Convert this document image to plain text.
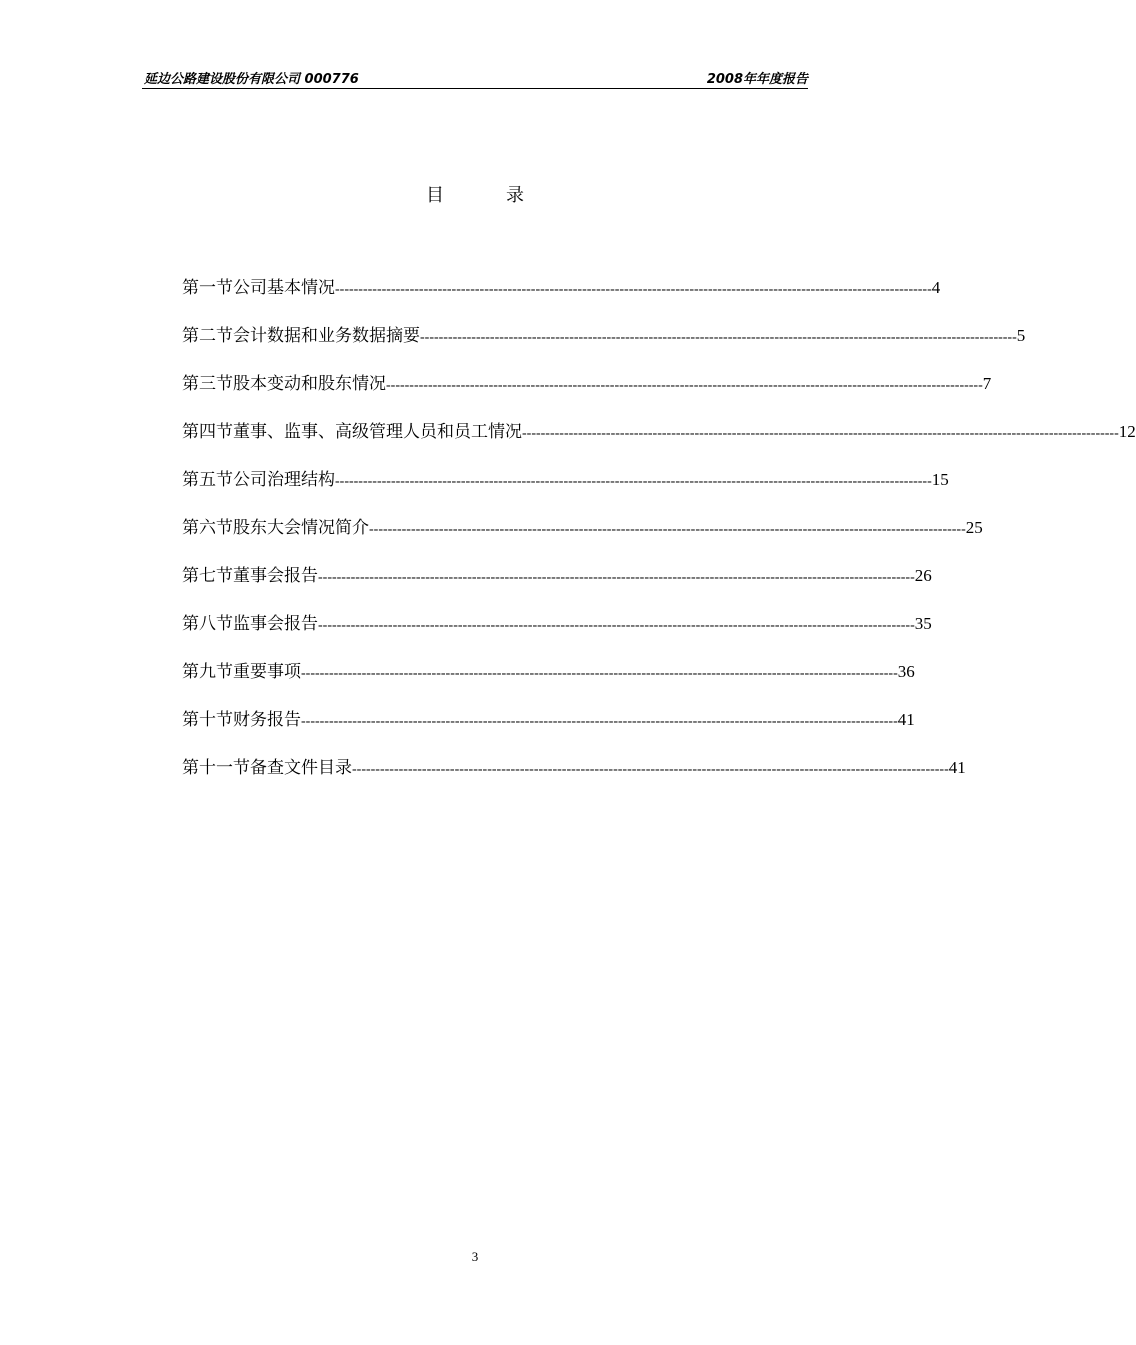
延边公路建设股份有限公司 000776	2008年年度报告
目	录
第一节 公司基本情况 -------------------------------------------------------------------------------------------------------------------------------- 4
第二节 会计数据和业务数据摘要 -------------------------------------------------------------------------------------------------------------------------------- 5
第三节 股本变动和股东情况 -------------------------------------------------------------------------------------------------------------------------------- 7
第四节 董事、监事、高级管理人员和员工情况 -------------------------------------------------------------------------------------------------------------------------------- 12
第五节 公司治理结构 -------------------------------------------------------------------------------------------------------------------------------- 15
第六节 股东大会情况简介 -------------------------------------------------------------------------------------------------------------------------------- 25
第七节 董事会报告 -------------------------------------------------------------------------------------------------------------------------------- 26
第八节 监事会报告 -------------------------------------------------------------------------------------------------------------------------------- 35
第九节 重要事项 -------------------------------------------------------------------------------------------------------------------------------- 36
第十节 财务报告 -------------------------------------------------------------------------------------------------------------------------------- 41
第十一节 备查文件目录 -------------------------------------------------------------------------------------------------------------------------------- 41
3
